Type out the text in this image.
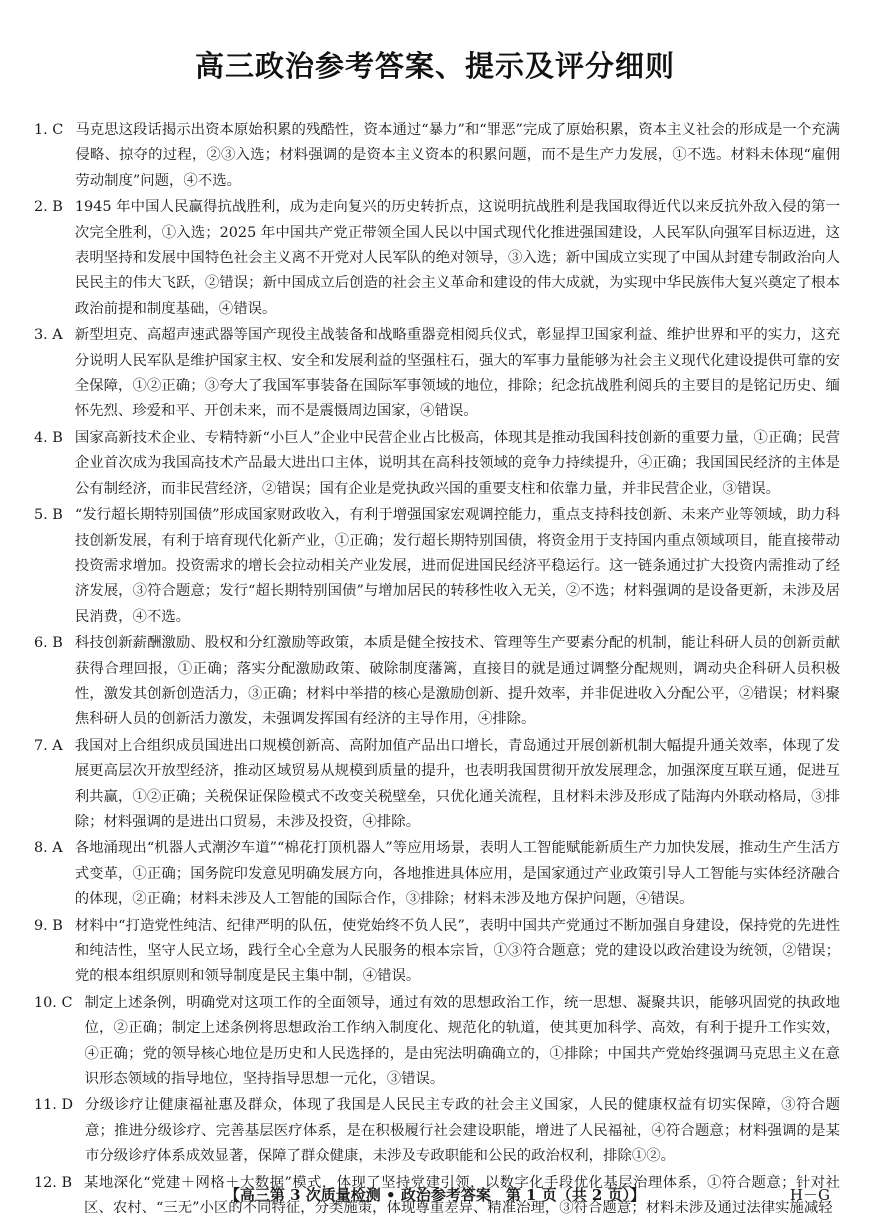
高三政治参考答案、提示及评分细则
1. C 马克思这段话揭示出资本原始积累的残酷性，资本通过“暴力”和“罪恶”完成了原始积累，资本主义社会的形成是一个充满侵略、掠夺的过程，②③入选；材料强调的是资本主义资本的积累问题，而不是生产力发展，①不选。材料未体现“雇佣劳动制度”问题，④不选。
2. B 1945 年中国人民赢得抗战胜利，成为走向复兴的历史转折点，这说明抗战胜利是我国取得近代以来反抗外敌入侵的第一次完全胜利，①入选；2025 年中国共产党正带领全国人民以中国式现代化推进强国建设，人民军队向强军目标迈进，这表明坚持和发展中国特色社会主义离不开党对人民军队的绝对领导，③入选；新中国成立实现了中国从封建专制政治向人民民主的伟大飞跃，②错误；新中国成立后创造的社会主义革命和建设的伟大成就，为实现中华民族伟大复兴奠定了根本政治前提和制度基础，④错误。
3. A 新型坦克、高超声速武器等国产现役主战装备和战略重器竞相阅兵仪式，彰显捍卫国家利益、维护世界和平的实力，这充分说明人民军队是维护国家主权、安全和发展利益的坚强柱石，强大的军事力量能够为社会主义现代化建设提供可靠的安全保障，①②正确；③夸大了我国军事装备在国际军事领域的地位，排除；纪念抗战胜利阅兵的主要目的是铭记历史、缅怀先烈、珍爱和平、开创未来，而不是震慑周边国家，④错误。
4. B 国家高新技术企业、专精特新“小巨人”企业中民营企业占比极高，体现其是推动我国科技创新的重要力量，①正确；民营企业首次成为我国高技术产品最大进出口主体，说明其在高科技领域的竞争力持续提升，④正确；我国国民经济的主体是公有制经济，而非民营经济，②错误；国有企业是党执政兴国的重要支柱和依靠力量，并非民营企业，③错误。
5. B “发行超长期特别国债”形成国家财政收入，有利于增强国家宏观调控能力，重点支持科技创新、未来产业等领域，助力科技创新发展，有利于培育现代化新产业，①正确；发行超长期特别国债，将资金用于支持国内重点领域项目，能直接带动投资需求增加。投资需求的增长会拉动相关产业发展，进而促进国民经济平稳运行。这一链条通过扩大投资内需推动了经济发展，③符合题意；发行“超长期特别国债”与增加居民的转移性收入无关，②不选；材料强调的是设备更新，未涉及居民消费，④不选。
6. B 科技创新薪酬激励、股权和分红激励等政策，本质是健全按技术、管理等生产要素分配的机制，能让科研人员的创新贡献获得合理回报，①正确；落实分配激励政策、破除制度藩篱，直接目的就是通过调整分配规则，调动央企科研人员积极性，激发其创新创造活力，③正确；材料中举措的核心是激励创新、提升效率，并非促进收入分配公平，②错误；材料聚焦科研人员的创新活力激发，未强调发挥国有经济的主导作用，④排除。
7. A 我国对上合组织成员国进出口规模创新高、高附加值产品出口增长，青岛通过开展创新机制大幅提升通关效率，体现了发展更高层次开放型经济，推动区域贸易从规模到质量的提升，也表明我国贯彻开放发展理念，加强深度互联互通，促进互利共赢，①②正确；关税保证保险模式不改变关税壁垒，只优化通关流程，且材料未涉及形成了陆海内外联动格局，③排除；材料强调的是进出口贸易，未涉及投资，④排除。
8. A 各地涌现出“机器人式潮汐车道”“棉花打顶机器人”等应用场景，表明人工智能赋能新质生产力加快发展，推动生产生活方式变革，①正确；国务院印发意见明确发展方向，各地推进具体应用，是国家通过产业政策引导人工智能与实体经济融合的体现，②正确；材料未涉及人工智能的国际合作，③排除；材料未涉及地方保护问题，④错误。
9. B 材料中“打造党性纯洁、纪律严明的队伍，使党始终不负人民”，表明中国共产党通过不断加强自身建设，保持党的先进性和纯洁性，坚守人民立场，践行全心全意为人民服务的根本宗旨，①③符合题意；党的建设以政治建设为统领，②错误；党的根本组织原则和领导制度是民主集中制，④错误。
10. C 制定上述条例，明确党对这项工作的全面领导，通过有效的思想政治工作，统一思想、凝聚共识，能够巩固党的执政地位，②正确；制定上述条例将思想政治工作纳入制度化、规范化的轨道，使其更加科学、高效，有利于提升工作实效，④正确；党的领导核心地位是历史和人民选择的，是由宪法明确确立的，①排除；中国共产党始终强调马克思主义在意识形态领域的指导地位，坚持指导思想一元化，③错误。
11. D 分级诊疗让健康福祉惠及群众，体现了我国是人民民主专政的社会主义国家，人民的健康权益有切实保障，③符合题意；推进分级诊疗、完善基层医疗体系，是在积极履行社会建设职能，增进了人民福祉，④符合题意；材料强调的是某市分级诊疗体系成效显著，保障了群众健康，未涉及专政职能和公民的政治权利，排除①②。
12. B 某地深化“党建＋网格＋大数据”模式，体现了坚持党建引领，以数字化手段优化基层治理体系，①符合题意；针对社区、农村、“三无”小区的不同特征，分类施策，体现尊重差异、精准治理，③符合题意；材料未涉及通过法律实施减轻
【高三第 3 次质量检测 • 政治参考答案　第 1 页（共 2 页）】	H－G
